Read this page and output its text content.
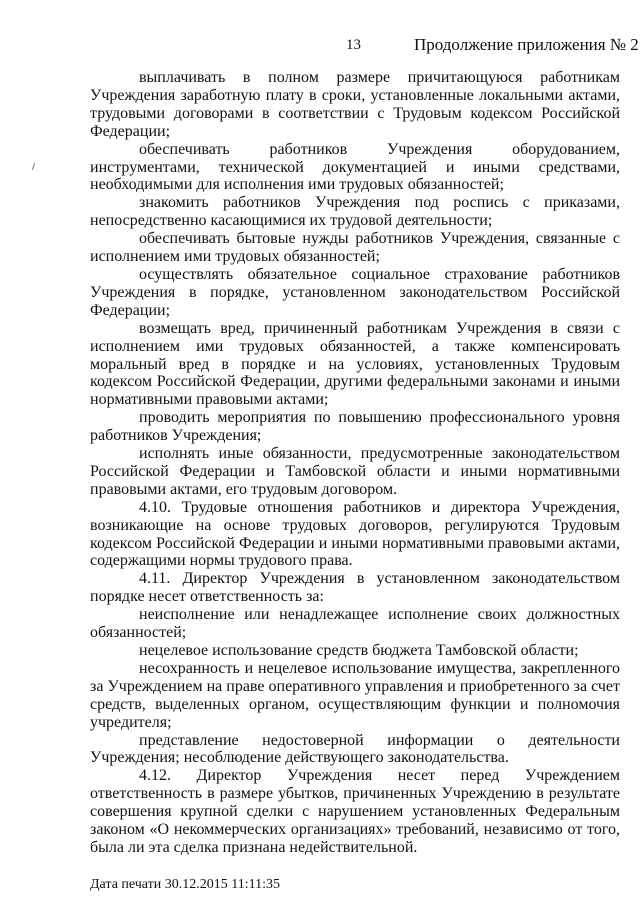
13	Продолжение приложения № 2

выплачивать в полном размере причитающуюся работникам Учреждения заработную плату в сроки, установленные локальными актами, трудовыми договорами в соответствии с Трудовым кодексом Российской Федерации;

обеспечивать работников Учреждения оборудованием, инструментами, технической документацией и иными средствами, необходимыми для исполнения ими трудовых обязанностей;

знакомить работников Учреждения под роспись с приказами, непосредственно касающимися их трудовой деятельности;

обеспечивать бытовые нужды работников Учреждения, связанные с исполнением ими трудовых обязанностей;

осуществлять обязательное социальное страхование работников Учреждения в порядке, установленном законодательством Российской Федерации;

возмещать вред, причиненный работникам Учреждения в связи с исполнением ими трудовых обязанностей, а также компенсировать моральный вред в порядке и на условиях, установленных Трудовым кодексом Российской Федерации, другими федеральными законами и иными нормативными правовыми актами;

проводить мероприятия по повышению профессионального уровня работников Учреждения;

исполнять иные обязанности, предусмотренные законодательством Российской Федерации и Тамбовской области и иными нормативными правовыми актами, его трудовым договором.

4.10. Трудовые отношения работников и директора Учреждения, возникающие на основе трудовых договоров, регулируются Трудовым кодексом Российской Федерации и иными нормативными правовыми актами, содержащими нормы трудового права.

4.11. Директор Учреждения в установленном законодательством порядке несет ответственность за:

неисполнение или ненадлежащее исполнение своих должностных обязанностей;

нецелевое использование средств бюджета Тамбовской области;

несохранность и нецелевое использование имущества, закрепленного за Учреждением на праве оперативного управления и приобретенного за счет средств, выделенных органом, осуществляющим функции и полномочия учредителя;

представление недостоверной информации о деятельности Учреждения; несоблюдение действующего законодательства.

4.12. Директор Учреждения несет перед Учреждением ответственность в размере убытков, причиненных Учреждению в результате совершения крупной сделки с нарушением установленных Федеральным законом «О некоммерческих организациях» требований, независимо от того, была ли эта сделка признана недействительной.

Дата печати 30.12.2015 11:11:35
